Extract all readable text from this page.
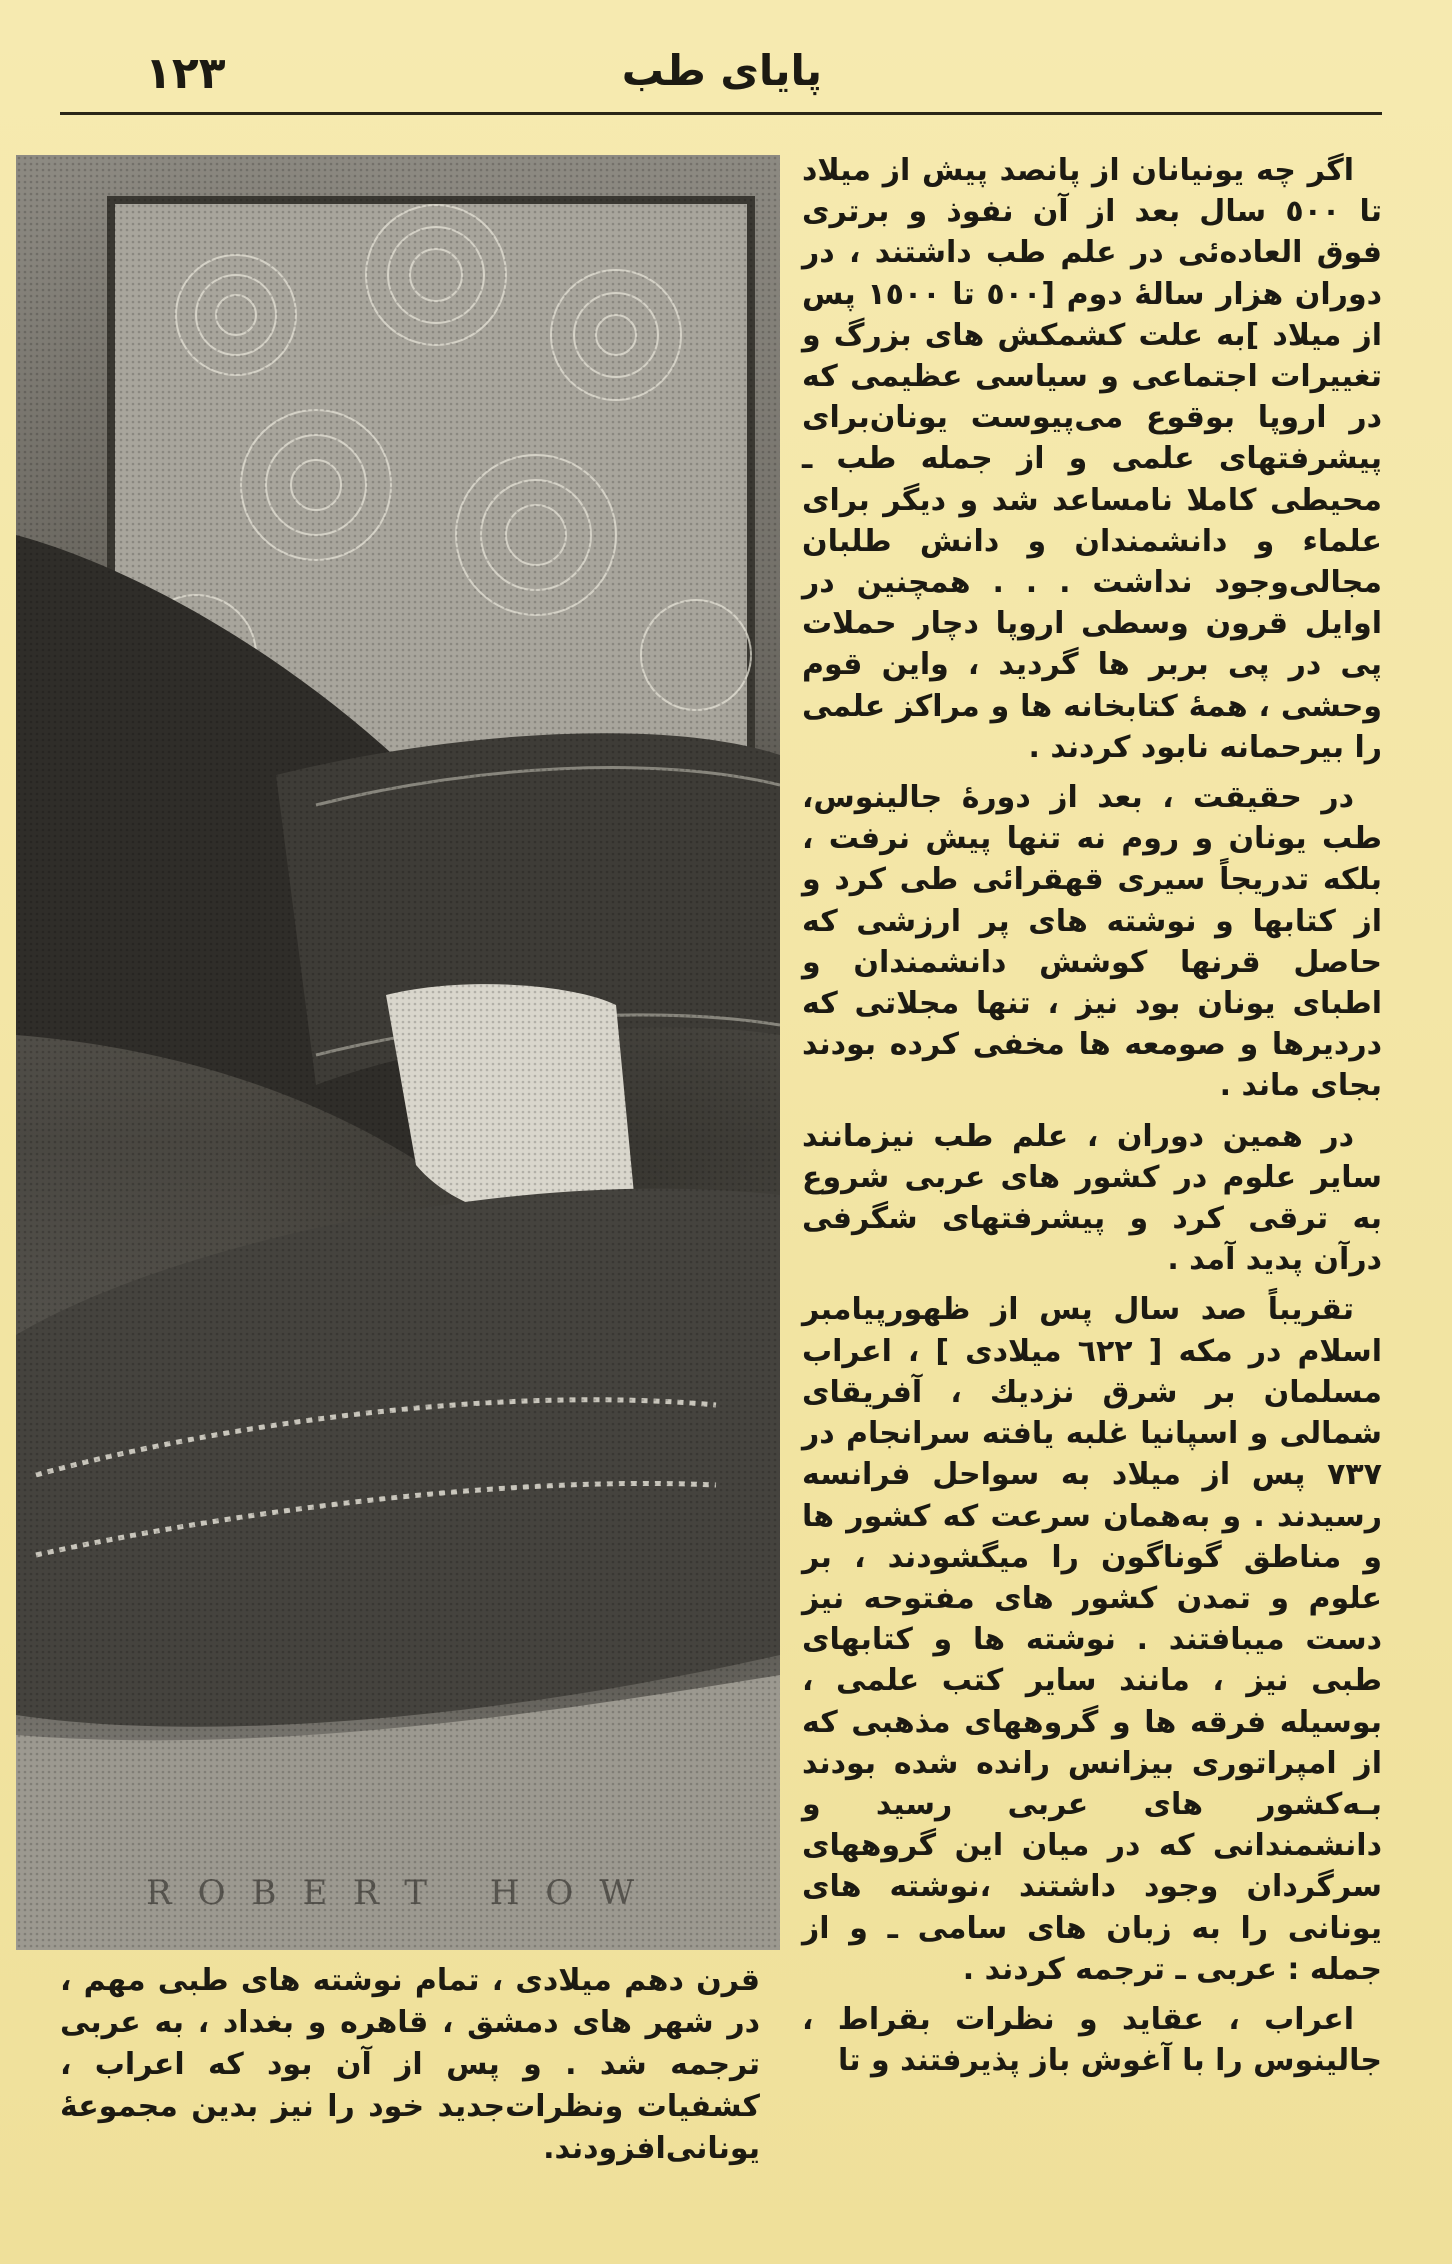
١٢٣	پاياى طب
ROBERT HOW
قرن دهم ميلادى ، تمام نوشته هاى طبى مهم ، در شهر هاى دمشق ، قاهره و بغداد ، به عربى ترجمه شد . و پس از آن بود كه اعراب ، كشفيات ونظرات‌جديد خود را نيز بدين مجموعهٔ يونانى‌افزودند.

اگر چه يونيانان از پانصد پيش از ميلاد تا ٥٠٠ سال بعد از آن نفوذ و برترى فوق العاده‌ئى در علم طب داشتند ، در دوران هزار سالهٔ دوم [٥٠٠ تا ١٥٠٠ پس از ميلاد ]به علت كشمكش هاى بزرگ و تغييرات اجتماعى و سياسى عظيمى كه در اروپا بوقوع مى‌پيوست يونان‌براى پيشرفتهاى علمى و از جمله طب ـ محيطى كاملا نامساعد شد و ديگر براى علماء و دانشمندان و دانش طلبان مجالى‌وجود نداشت . . . همچنين در اوايل قرون وسطى اروپا دچار حملات پى در پى بربر ها گرديد ، واين قوم وحشى ، همهٔ كتابخانه ها و مراكز علمى را بيرحمانه نابود كردند .

در حقيقت ، بعد از دورهٔ جالينوس، طب يونان و روم نه تنها پيش نرفت ، بلكه تدريجاً سيرى قهقرائى طى كرد و از كتابها و نوشته هاى پر ارزشى كه حاصل قرنها كوشش دانشمندان و اطباى يونان بود نيز ، تنها مجلاتى كه دردير‌ها و صومعه ها مخفى كرده بودند بجاى ماند .

در همين دوران ، علم طب نيزمانند ساير علوم در كشور هاى عربى شروع به ترقى كرد و پيشرفتهاى شگرفى در‌آن پديد آمد .

تقريباً صد سال پس از ظهورپيامبر اسلام در مكه [ ٦٢٢ ميلادى ] ، اعراب مسلمان بر شرق نزديك ، آفريقاى شمالى و اسپانيا غلبه يافته سرانجام در ٧٣٧ پس از ميلاد به سواحل فرانسه رسيدند . و به‌همان سرعت كه كشور ها و مناطق گوناگون را ميگشودند ، بر علوم و تمدن كشور هاى مفتوحه نيز دست ميبافتند . نوشته ها و كتابهاى طبى نيز ، مانند ساير كتب علمى ، بوسيله فرقه ها و گروههاى مذهبى كه از امپراتورى بيزانس رانده شده بودند بـه‌كشور هاى عربى رسيد و دانشمندانى كه در ميان اين گروههاى سرگردان وجود داشتند ،نوشته هاى يونانى را به زبان هاى سامى ـ و از جمله : عربى ـ ترجمه كردند .

اعراب ، عقايد و نظرات بقراط ، جالينوس را با آغوش باز پذيرفتند و تا
